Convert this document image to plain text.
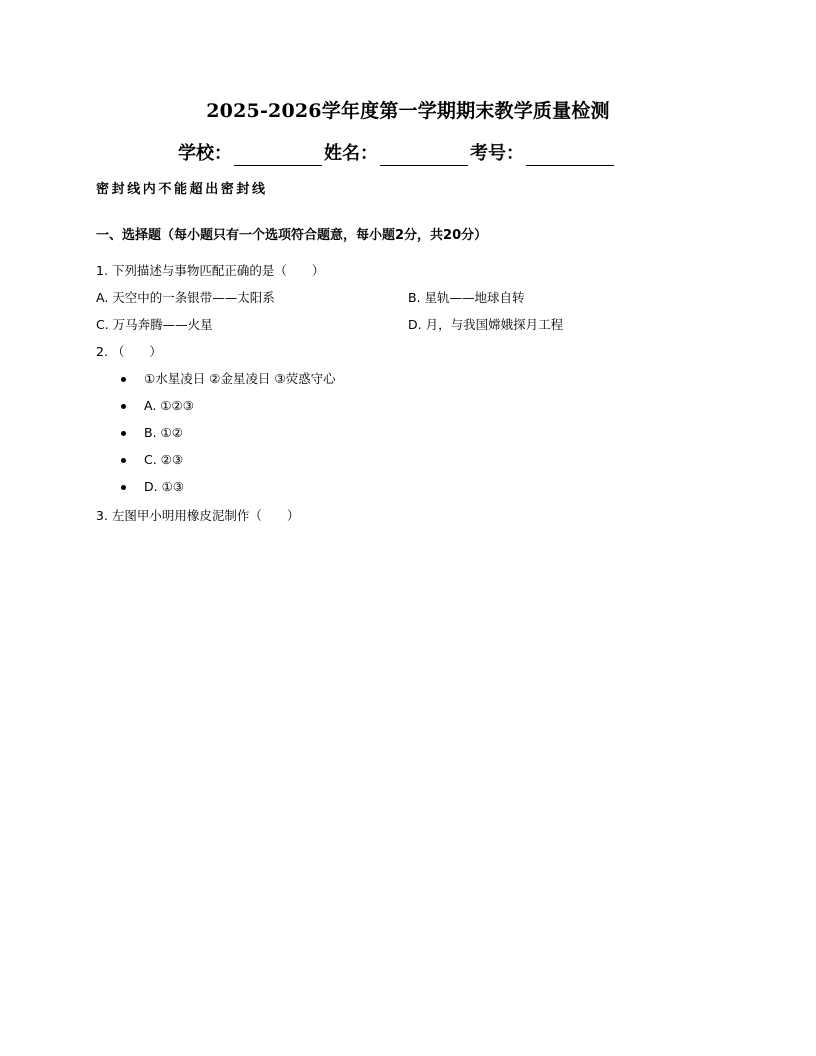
2025-2026学年度第一学期期末教学质量检测
学校：	姓名：	考号：
密封线内不能超出密封线
一、选择题（每小题只有一个选项符合题意，每小题2分，共20分）
1. 下列描述与事物匹配正确的是（　　）
A. 天空中的一条银带——太阳系	B. 星轨——地球自转
C. 万马奔腾——火星	D. 月，与我国嫦娥探月工程
2. （　　）
①水星凌日 ②金星凌日 ③荧惑守心
A. ①②③
B. ①②
C. ②③
D. ①③
3. 左图甲小明用橡皮泥制作（　　）
